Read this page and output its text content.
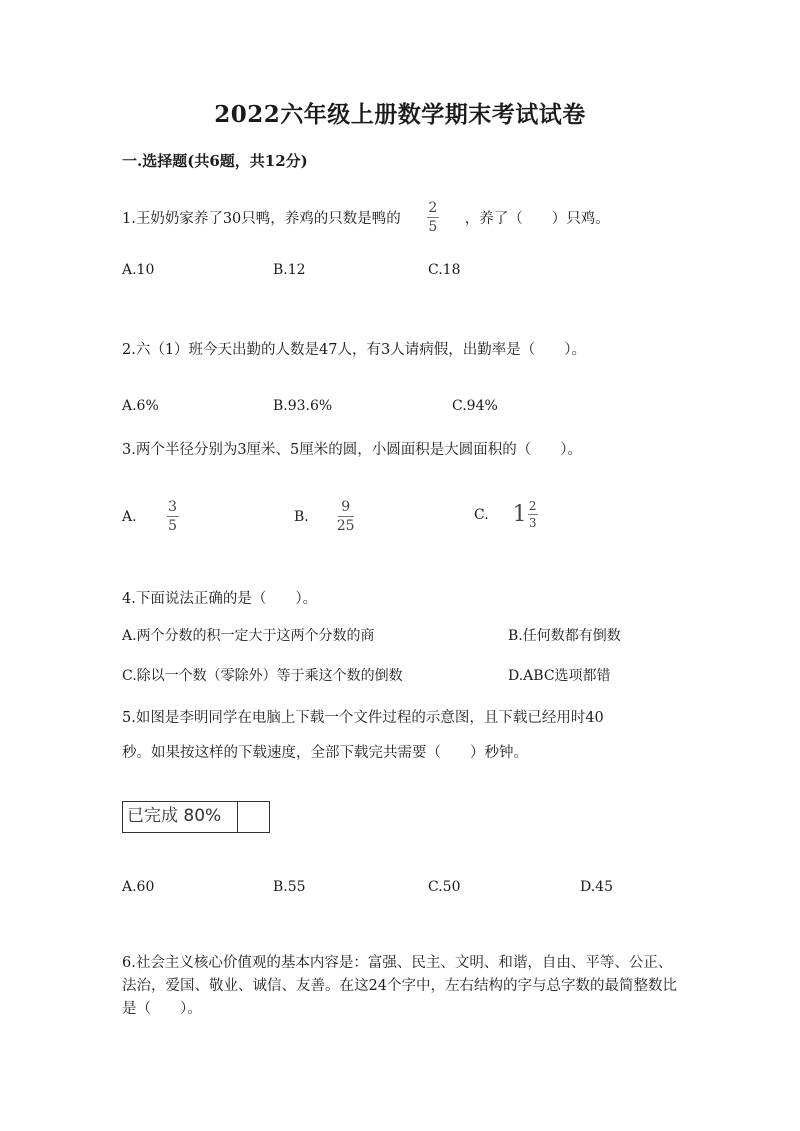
2022六年级上册数学期末考试试卷
一.选择题(共6题，共12分)
1.王奶奶家养了30只鸭，养鸡的只数是鸭的 $\frac{2}{5}$ ，养了（　　）只鸡。
A.10	B.12	C.18
2.六（1）班今天出勤的人数是47人，有3人请病假，出勤率是（　　）。
A.6%	B.93.6%	C.94%
3.两个半径分别为3厘米、5厘米的圆，小圆面积是大圆面积的（　　）。
A. $\frac{3}{5}$	B. $\frac{9}{25}$	C. $1 \frac{2}{3}$
4.下面说法正确的是（　　）。
A.两个分数的积一定大于这两个分数的商	B.任何数都有倒数
C.除以一个数（零除外）等于乘这个数的倒数	D.ABC选项都错
5.如图是李明同学在电脑上下载一个文件过程的示意图，且下载已经用时40
秒。如果按这样的下载速度，全部下载完共需要（　　）秒钟。
已完成 80%
A.60	B.55	C.50	D.45
6.社会主义核心价值观的基本内容是：富强、民主、文明、和谐，自由、平等、公正、法治，爱国、敬业、诚信、友善。在这24个字中，左右结构的字与总字数的最简整数比是（　　）。
